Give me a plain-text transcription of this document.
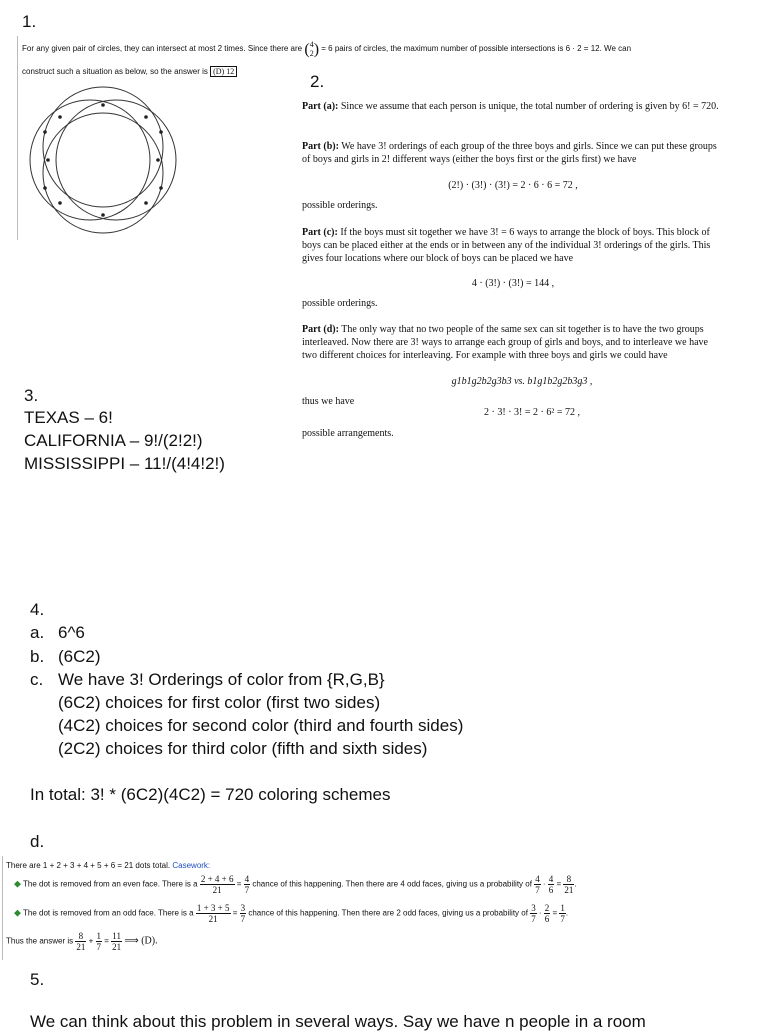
1.
For any given pair of circles, they can intersect at most 2 times. Since there are ( 4
2 ) = 6 pairs of circles, the maximum number of possible intersections is 6 · 2 = 12. We can
construct such a situation as below, so the answer is (D) 12
2.
Part (a): Since we assume that each person is unique, the total number of ordering is given by 6! = 720.
Part (b): We have 3! orderings of each group of the three boys and girls. Since we can put these groups of boys and girls in 2! different ways (either the boys first or the girls first) we have
(2!) · (3!) · (3!) = 2 · 6 · 6 = 72 ,
possible orderings.
Part (c): If the boys must sit together we have 3! = 6 ways to arrange the block of boys. This block of boys can be placed either at the ends or in between any of the individual 3! orderings of the girls. This gives four locations where our block of boys can be placed we have
4 · (3!) · (3!) = 144 ,
possible orderings.
Part (d): The only way that no two people of the same sex can sit together is to have the two groups interleaved. Now there are 3! ways to arrange each group of girls and boys, and to interleave we have two different choices for interleaving. For example with three boys and girls we could have
g1b1g2b2g3b3 vs. b1g1b2g2b3g3 ,
thus we have
2 · 3! · 3! = 2 · 6² = 72 ,
possible arrangements.
3.
TEXAS – 6!
CALIFORNIA – 9!/(2!2!)
MISSISSIPPI – 11!/(4!4!2!)
4.
a. 6^6
b. (6C2)
c. We have 3! Orderings of color from {R,G,B}
(6C2) choices for first color (first two sides)
(4C2) choices for second color (third and fourth sides)
(2C2) choices for third color (fifth and sixth sides)
In total: 3! * (6C2)(4C2) = 720 coloring schemes
d.
There are 1 + 2 + 3 + 4 + 5 + 6 = 21 dots total. Casework:
◆ The dot is removed from an even face. There is a $\frac{2 + 4 + 6}{21} = \frac{4}{7}$ chance of this happening. Then there are 4 odd faces, giving us a probability of $\frac{4}{7} \cdot \frac{4}{6} = \frac{8}{21}$ .
◆ The dot is removed from an odd face. There is a $\frac{1 + 3 + 5}{21} = \frac{3}{7}$ chance of this happening. Then there are 2 odd faces, giving us a probability of $\frac{3}{7} \cdot \frac{2}{6} = \frac{1}{7}$ .
Thus the answer is $\frac{8}{21} + \frac{1}{7} = \frac{11}{21}$ ⟹ (D).
5.
We can think about this problem in several ways. Say we have n people in a room
